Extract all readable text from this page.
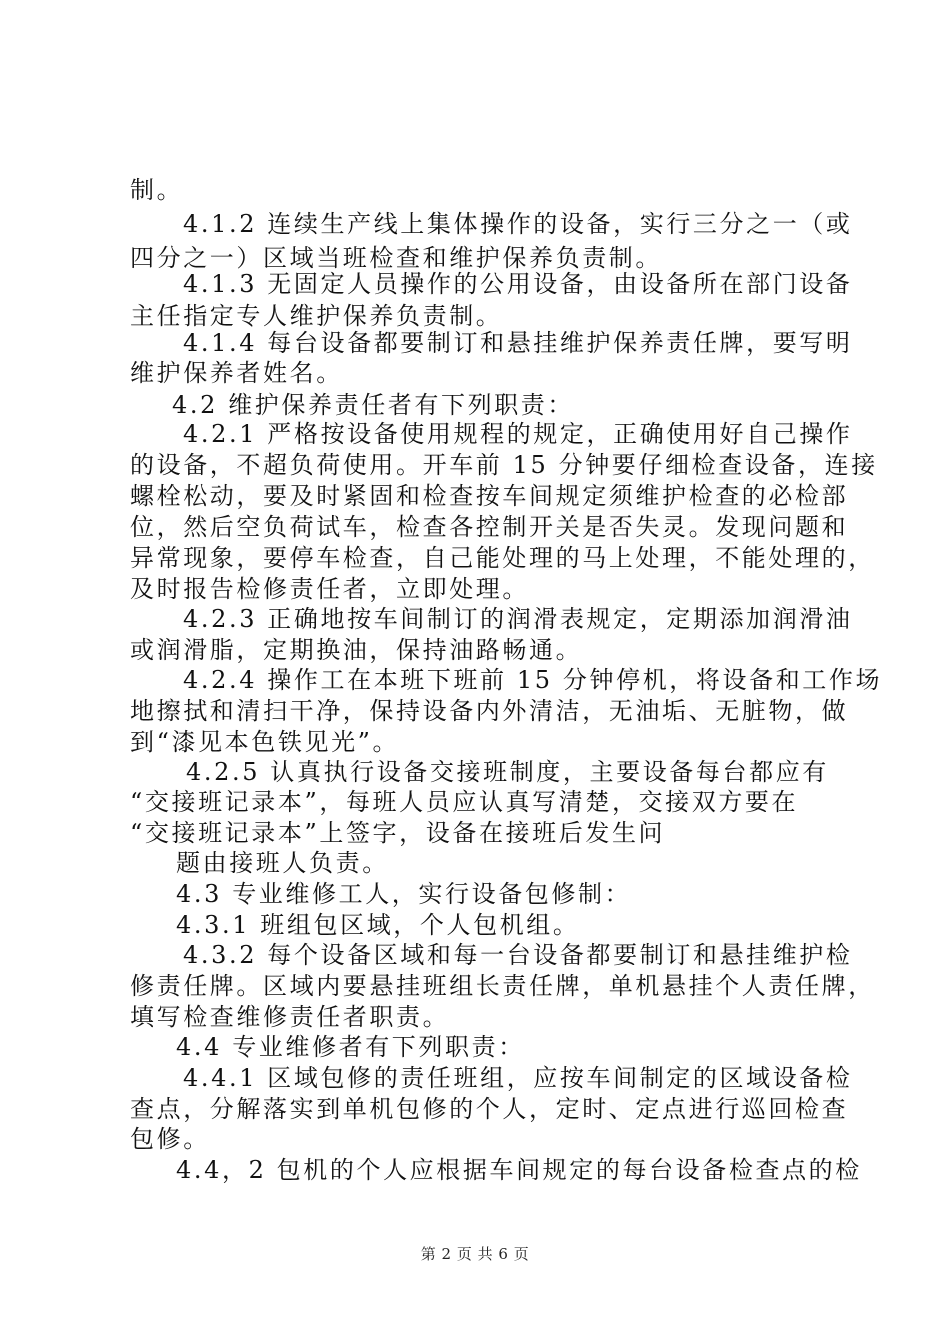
制。
4.1.2 连续生产线上集体操作的设备，实行三分之一（或
四分之一）区域当班检查和维护保养负责制。
4.1.3 无固定人员操作的公用设备，由设备所在部门设备
主任指定专人维护保养负责制。
4.1.4 每台设备都要制订和悬挂维护保养责任牌，要写明
维护保养者姓名。
4.2 维护保养责任者有下列职责：
4.2.1 严格按设备使用规程的规定，正确使用好自己操作
的设备，不超负荷使用。开车前 15 分钟要仔细检查设备，连接
螺栓松动，要及时紧固和检查按车间规定须维护检查的必检部
位，然后空负荷试车，检查各控制开关是否失灵。发现问题和
异常现象，要停车检查，自己能处理的马上处理，不能处理的，
及时报告检修责任者，立即处理。
4.2.3 正确地按车间制订的润滑表规定，定期添加润滑油
或润滑脂，定期换油，保持油路畅通。
4.2.4 操作工在本班下班前 15 分钟停机，将设备和工作场
地擦拭和清扫干净，保持设备内外清洁，无油垢、无脏物，做
到“漆见本色铁见光”。
4.2.5 认真执行设备交接班制度，主要设备每台都应有
“交接班记录本”，每班人员应认真写清楚，交接双方要在
“交接班记录本”上签字，设备在接班后发生问
题由接班人负责。
4.3 专业维修工人，实行设备包修制：
4.3.1 班组包区域，个人包机组。
4.3.2 每个设备区域和每一台设备都要制订和悬挂维护检
修责任牌。区域内要悬挂班组长责任牌，单机悬挂个人责任牌，
填写检查维修责任者职责。
4.4 专业维修者有下列职责：
4.4.1 区域包修的责任班组，应按车间制定的区域设备检
查点，分解落实到单机包修的个人，定时、定点进行巡回检查
包修。
4.4，2 包机的个人应根据车间规定的每台设备检查点的检
第 2 页 共 6 页
